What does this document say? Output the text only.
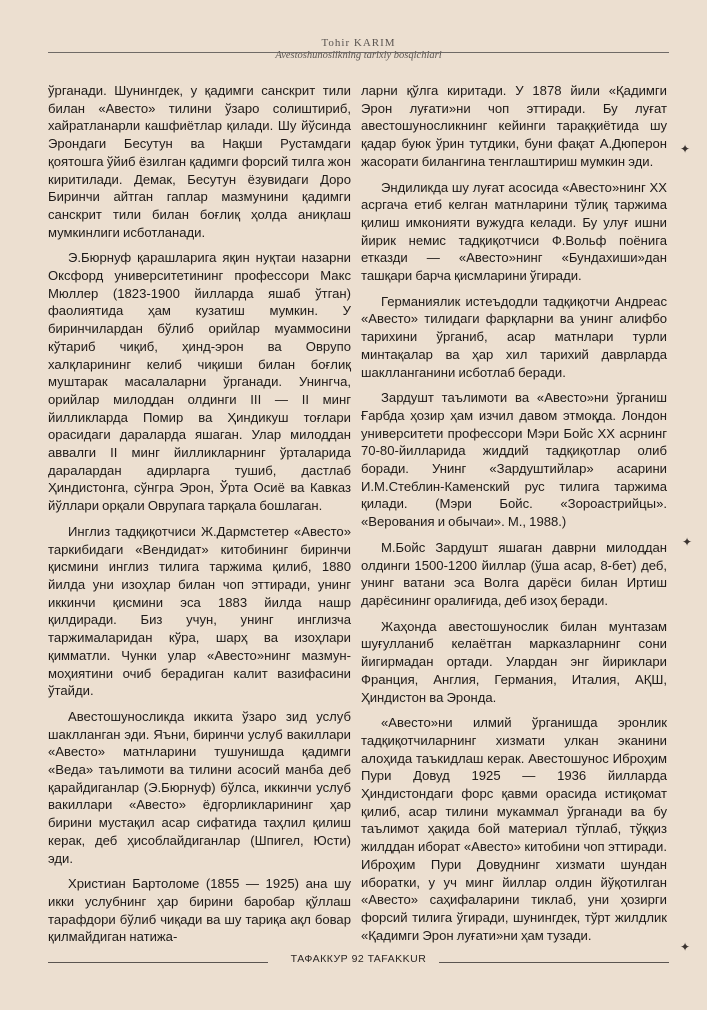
Tohir KARIM
Avestoshunoslikning tarixiy bosqichlari

ўрганади. Шунингдек, у қадимги санскрит тили билан «Авесто» тилини ўзаро солиштириб, хайратланарли кашфиётлар қилади. Шу йўсинда Эрондаги Бесутун ва Нақши Рустамдаги қоятошга ўйиб ёзилган қадимги форсий тилга жон киритилади. Демак, Бесутун ёзувидаги Доро Биринчи айтган гаплар мазмунини қадимги санскрит тили билан боғлиқ ҳолда аниқлаш мумкинлиги исботланади.

Э.Бюрнуф қарашларига яқин нуқтаи назарни Оксфорд университетининг профессори Макс Мюллер (1823-1900 йилларда яшаб ўтган) фаолиятида ҳам кузатиш мумкин. У биринчилардан бўлиб орийлар муаммосини кўтариб чиқиб, ҳинд-эрон ва Оврупо халқларининг келиб чиқиши билан боғлиқ муштарак масалаларни ўрганади. Унингча, орийлар милоддан олдинги III — II минг йилликларда Помир ва Ҳиндикуш тоғлари орасидаги дараларда яшаган. Улар милоддан аввалги II минг йилликларнинг ўрталарида даралардан адирларга тушиб, дастлаб Ҳиндистонга, сўнгра Эрон, Ўрта Осиё ва Кавказ йўллари орқали Оврупага тарқала бошлаган.

Инглиз тадқиқотчиси Ж.Дармстетер «Авесто» таркибидаги «Вендидат» китобининг биринчи қисмини инглиз тилига таржима қилиб, 1880 йилда уни изоҳлар билан чоп эттиради, унинг иккинчи қисмини эса 1883 йилда нашр қилдиради. Биз учун, унинг инглизча таржималаридан кўра, шарҳ ва изоҳлари қимматли. Чунки улар «Авесто»нинг мазмун-моҳиятини очиб берадиган калит вазифасини ўтайди.

Авестошуносликда иккита ўзаро зид услуб шаклланган эди. Яъни, биринчи услуб вакиллари «Авесто» матнларини тушунишда қадимги «Веда» таълимоти ва тилини асосий манба деб қарайдиганлар (Э.Бюрнуф) бўлса, иккинчи услуб вакиллари «Авесто» ёдгорликларининг ҳар бирини мустақил асар сифатида таҳлил қилиш керак, деб ҳисоблайдиганлар (Шпигел, Юсти) эди.

Христиан Бартоломе (1855 — 1925) ана шу икки услубнинг ҳар бирини баробар қўллаш тарафдори бўлиб чиқади ва шу тариқа ақл бовар қилмайдиган натижа-

ларни қўлга киритади. У 1878 йили «Қадимги Эрон луғати»ни чоп эттиради. Бу луғат авестошуносликнинг кейинги тараққиётида шу қадар буюк ўрин тутдики, буни фақат А.Дюперон жасорати билангина тенглаштириш мумкин эди.

Эндиликда шу луғат асосида «Авесто»нинг XX асргача етиб келган матнларини тўлиқ таржима қилиш имконияти вужудга келади. Бу улуғ ишни йирик немис тадқиқотчиси Ф.Вольф поёнига етказди — «Авесто»нинг «Бундахиши»дан ташқари барча қисмларини ўгиради.

Германиялик истеъдодли тадқиқотчи Андреас «Авесто» тилидаги фарқларни ва унинг алифбо тарихини ўрганиб, асар матнлари турли минтақалар ва ҳар хил тарихий даврларда шаклланганини исботлаб беради.

Зардушт таълимоти ва «Авесто»ни ўрганиш Ғарбда ҳозир ҳам изчил давом этмоқда. Лондон университети профессори Мэри Бойс XX асрнинг 70-80-йилларида жиддий тадқиқотлар олиб боради. Унинг «Зардуштийлар» асарини И.М.Стеблин-Каменский рус тилига таржима қилади. (Мэри Бойс. «Зороастрийцы». «Верования и обычаи». М., 1988.)

М.Бойс Зардушт яшаган даврни милоддан олдинги 1500-1200 йиллар (ўша асар, 8-бет) деб, унинг ватани эса Волга дарёси билан Иртиш дарёсининг оралиғида, деб изоҳ беради.

Жаҳонда авестошунослик билан мунтазам шуғулланиб келаётган марказларнинг сони йигирмадан ортади. Улардан энг йириклари Франция, Англия, Германия, Италия, АҚШ, Ҳиндистон ва Эронда.

«Авесто»ни илмий ўрганишда эронлик тадқиқотчиларнинг хизмати улкан эканини алоҳида таъкидлаш керак. Авестошунос Иброҳим Пури Довуд 1925 — 1936 йилларда Ҳиндистондаги форс қавми орасида истиқомат қилиб, асар тилини мукаммал ўрганади ва бу таълимот ҳақида бой материал тўплаб, тўққиз жилддан иборат «Авесто» китобини чоп эттиради. Иброҳим Пури Довуднинг хизмати шундан иборатки, у уч минг йиллар олдин йўқотилган «Авесто» саҳифаларини тиклаб, уни ҳозирги форсий тилига ўгиради, шунингдек, тўрт жилдлик «Қадимги Эрон луғати»ни ҳам тузади.

ТАФАККУР 92 TAFAKKUR
✦
✦
✦
